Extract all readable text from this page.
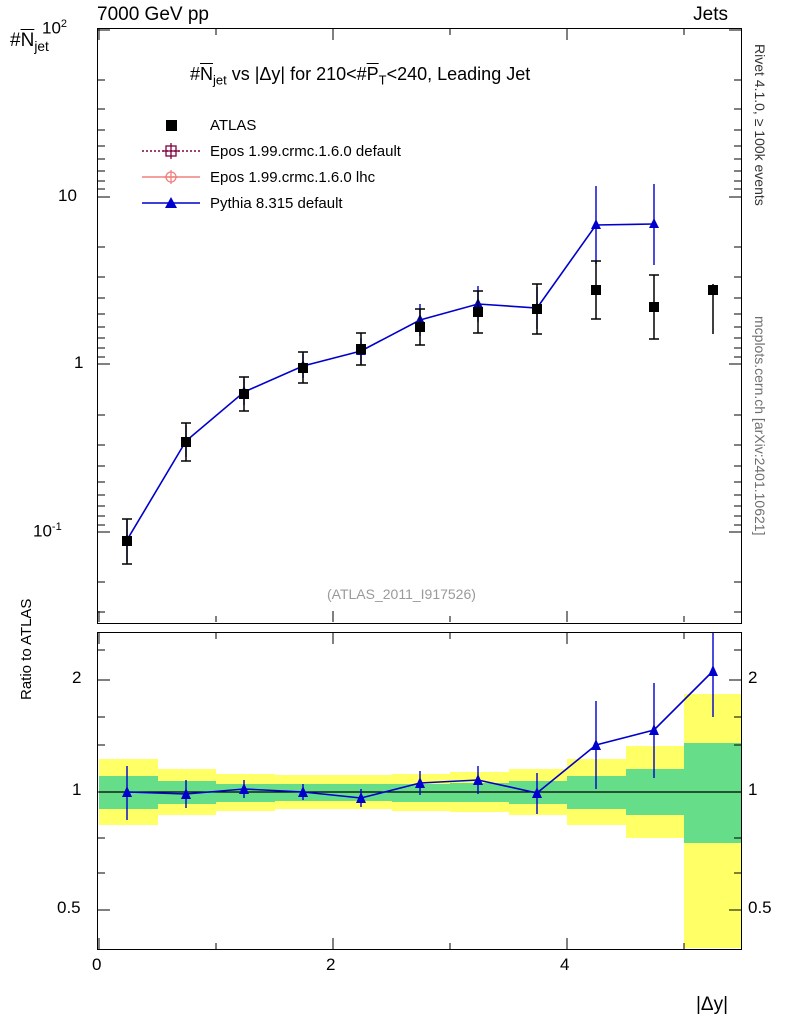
7000 GeV pp	Jets
Rivet 4.1.0, ≥ 100k events
mcplots.cern.ch [arXiv:2401.10621]
$\#\overline{N}_{jet}$
$10^2$
10
1
$10^{-1}$
$\#\overline{N}_{jet}$ vs |Δy| for $210<\#\overline{P}_T<240$, Leading Jet
ATLAS
Epos 1.99.crmc.1.6.0 default
Epos 1.99.crmc.1.6.0 lhc
Pythia 8.315 default
(ATLAS_2011_I917526)
2
1
0.5
2
1
0.5
Ratio to ATLAS
0	2	4
|Δy|
